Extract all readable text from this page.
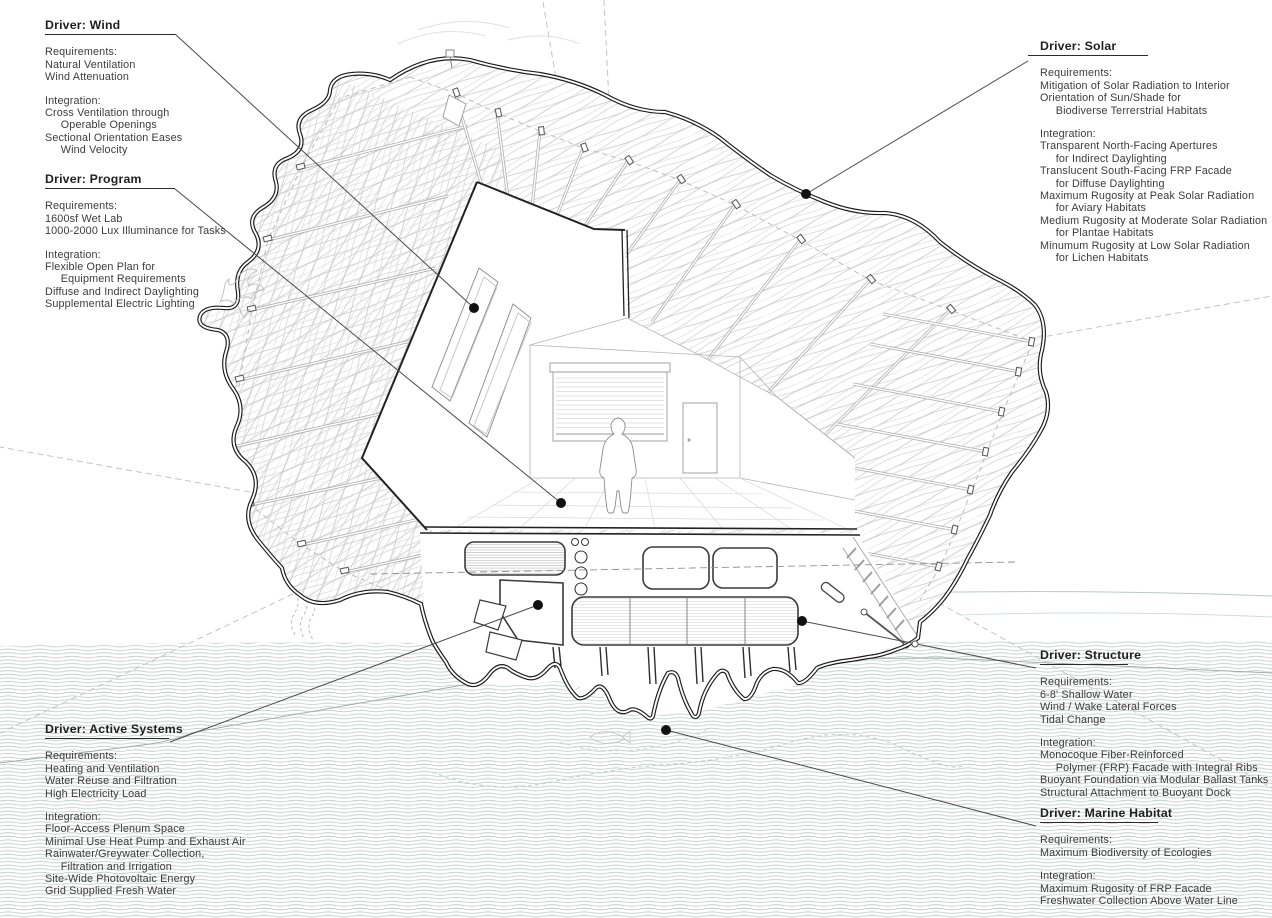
Driver: Wind
Requirements:
Natural Ventilation
Wind Attenuation
Integration:
Cross Ventilation through
Operable Openings
Sectional Orientation Eases
Wind Velocity
Driver: Program
Requirements:
1600sf Wet Lab
1000-2000 Lux Illuminance for Tasks
Integration:
Flexible Open Plan for
Equipment Requirements
Diffuse and Indirect Daylighting
Supplemental Electric Lighting
Driver: Solar
Requirements:
Mitigation of Solar Radiation to Interior
Orientation of Sun/Shade for
Biodiverse Terrerstrial Habitats
Integration:
Transparent North-Facing Apertures
for Indirect Daylighting
Translucent South-Facing FRP Facade
for Diffuse Daylighting
Maximum Rugosity at Peak Solar Radiation
for Aviary Habitats
Medium Rugosity at Moderate Solar Radiation
for Plantae Habitats
Minumum Rugosity at Low Solar Radiation
for Lichen Habitats
Driver: Structure
Requirements:
6-8' Shallow Water
Wind / Wake Lateral Forces
Tidal Change
Integration:
Monocoque Fiber-Reinforced
Polymer (FRP) Facade with Integral Ribs
Buoyant Foundation via Modular Ballast Tanks
Structural Attachment to Buoyant Dock
Driver: Marine Habitat
Requirements:
Maximum Biodiversity of Ecologies
Integration:
Maximum Rugosity of FRP Facade
Freshwater Collection Above Water Line
Driver: Active Systems
Requirements:
Heating and Ventilation
Water Reuse and Filtration
High Electricity Load
Integration:
Floor-Access Plenum Space
Minimal Use Heat Pump and Exhaust Air
Rainwater/Greywater Collection,
Filtration and Irrigation
Site-Wide Photovoltaic Energy
Grid Supplied Fresh Water
